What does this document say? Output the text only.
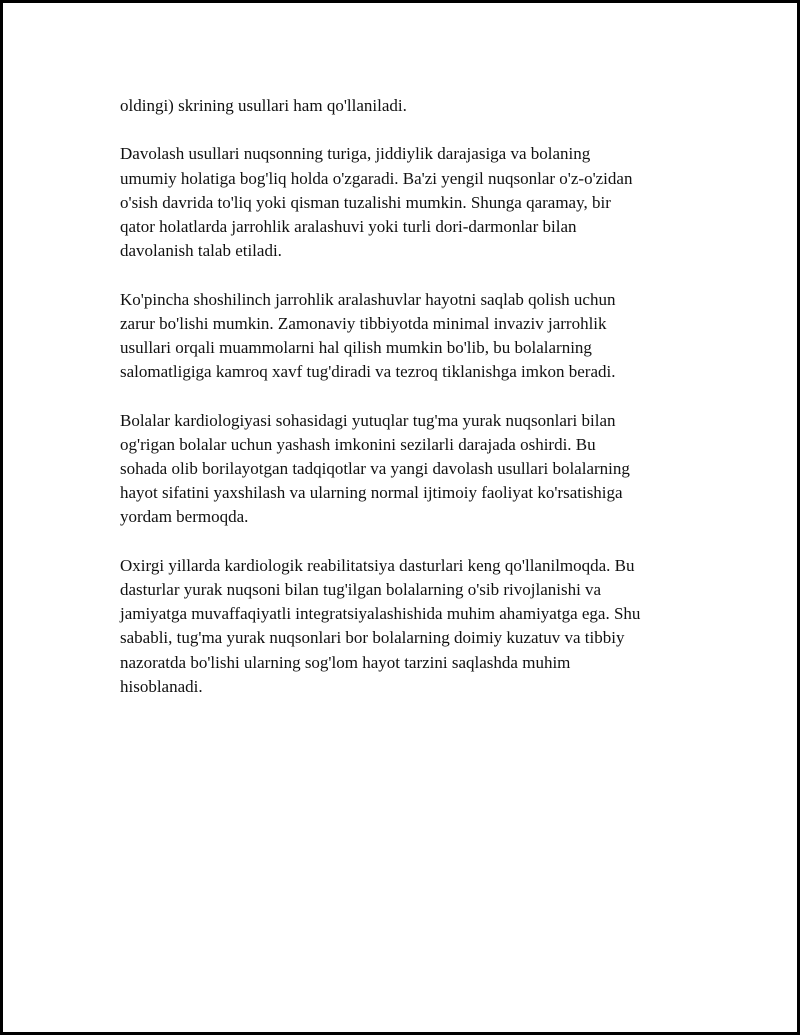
oldingi) skrining usullari ham qo'llaniladi.

Davolash usullari nuqsonning turiga, jiddiylik darajasiga va bolaning
umumiy holatiga bog'liq holda o'zgaradi. Ba'zi yengil nuqsonlar o'z-o'zidan
o'sish davrida to'liq yoki qisman tuzalishi mumkin. Shunga qaramay, bir
qator holatlarda jarrohlik aralashuvi yoki turli dori-darmonlar bilan
davolanish talab etiladi.

Ko'pincha shoshilinch jarrohlik aralashuvlar hayotni saqlab qolish uchun
zarur bo'lishi mumkin. Zamonaviy tibbiyotda minimal invaziv jarrohlik
usullari orqali muammolarni hal qilish mumkin bo'lib, bu bolalarning
salomatligiga kamroq xavf tug'diradi va tezroq tiklanishga imkon beradi.

Bolalar kardiologiyasi sohasidagi yutuqlar tug'ma yurak nuqsonlari bilan
og'rigan bolalar uchun yashash imkonini sezilarli darajada oshirdi. Bu
sohada olib borilayotgan tadqiqotlar va yangi davolash usullari bolalarning
hayot sifatini yaxshilash va ularning normal ijtimoiy faoliyat ko'rsatishiga
yordam bermoqda.

Oxirgi yillarda kardiologik reabilitatsiya dasturlari keng qo'llanilmoqda. Bu
dasturlar yurak nuqsoni bilan tug'ilgan bolalarning o'sib rivojlanishi va
jamiyatga muvaffaqiyatli integratsiyalashishida muhim ahamiyatga ega. Shu
sababli, tug'ma yurak nuqsonlari bor bolalarning doimiy kuzatuv va tibbiy
nazoratda bo'lishi ularning sog'lom hayot tarzini saqlashda muhim
hisoblanadi.
